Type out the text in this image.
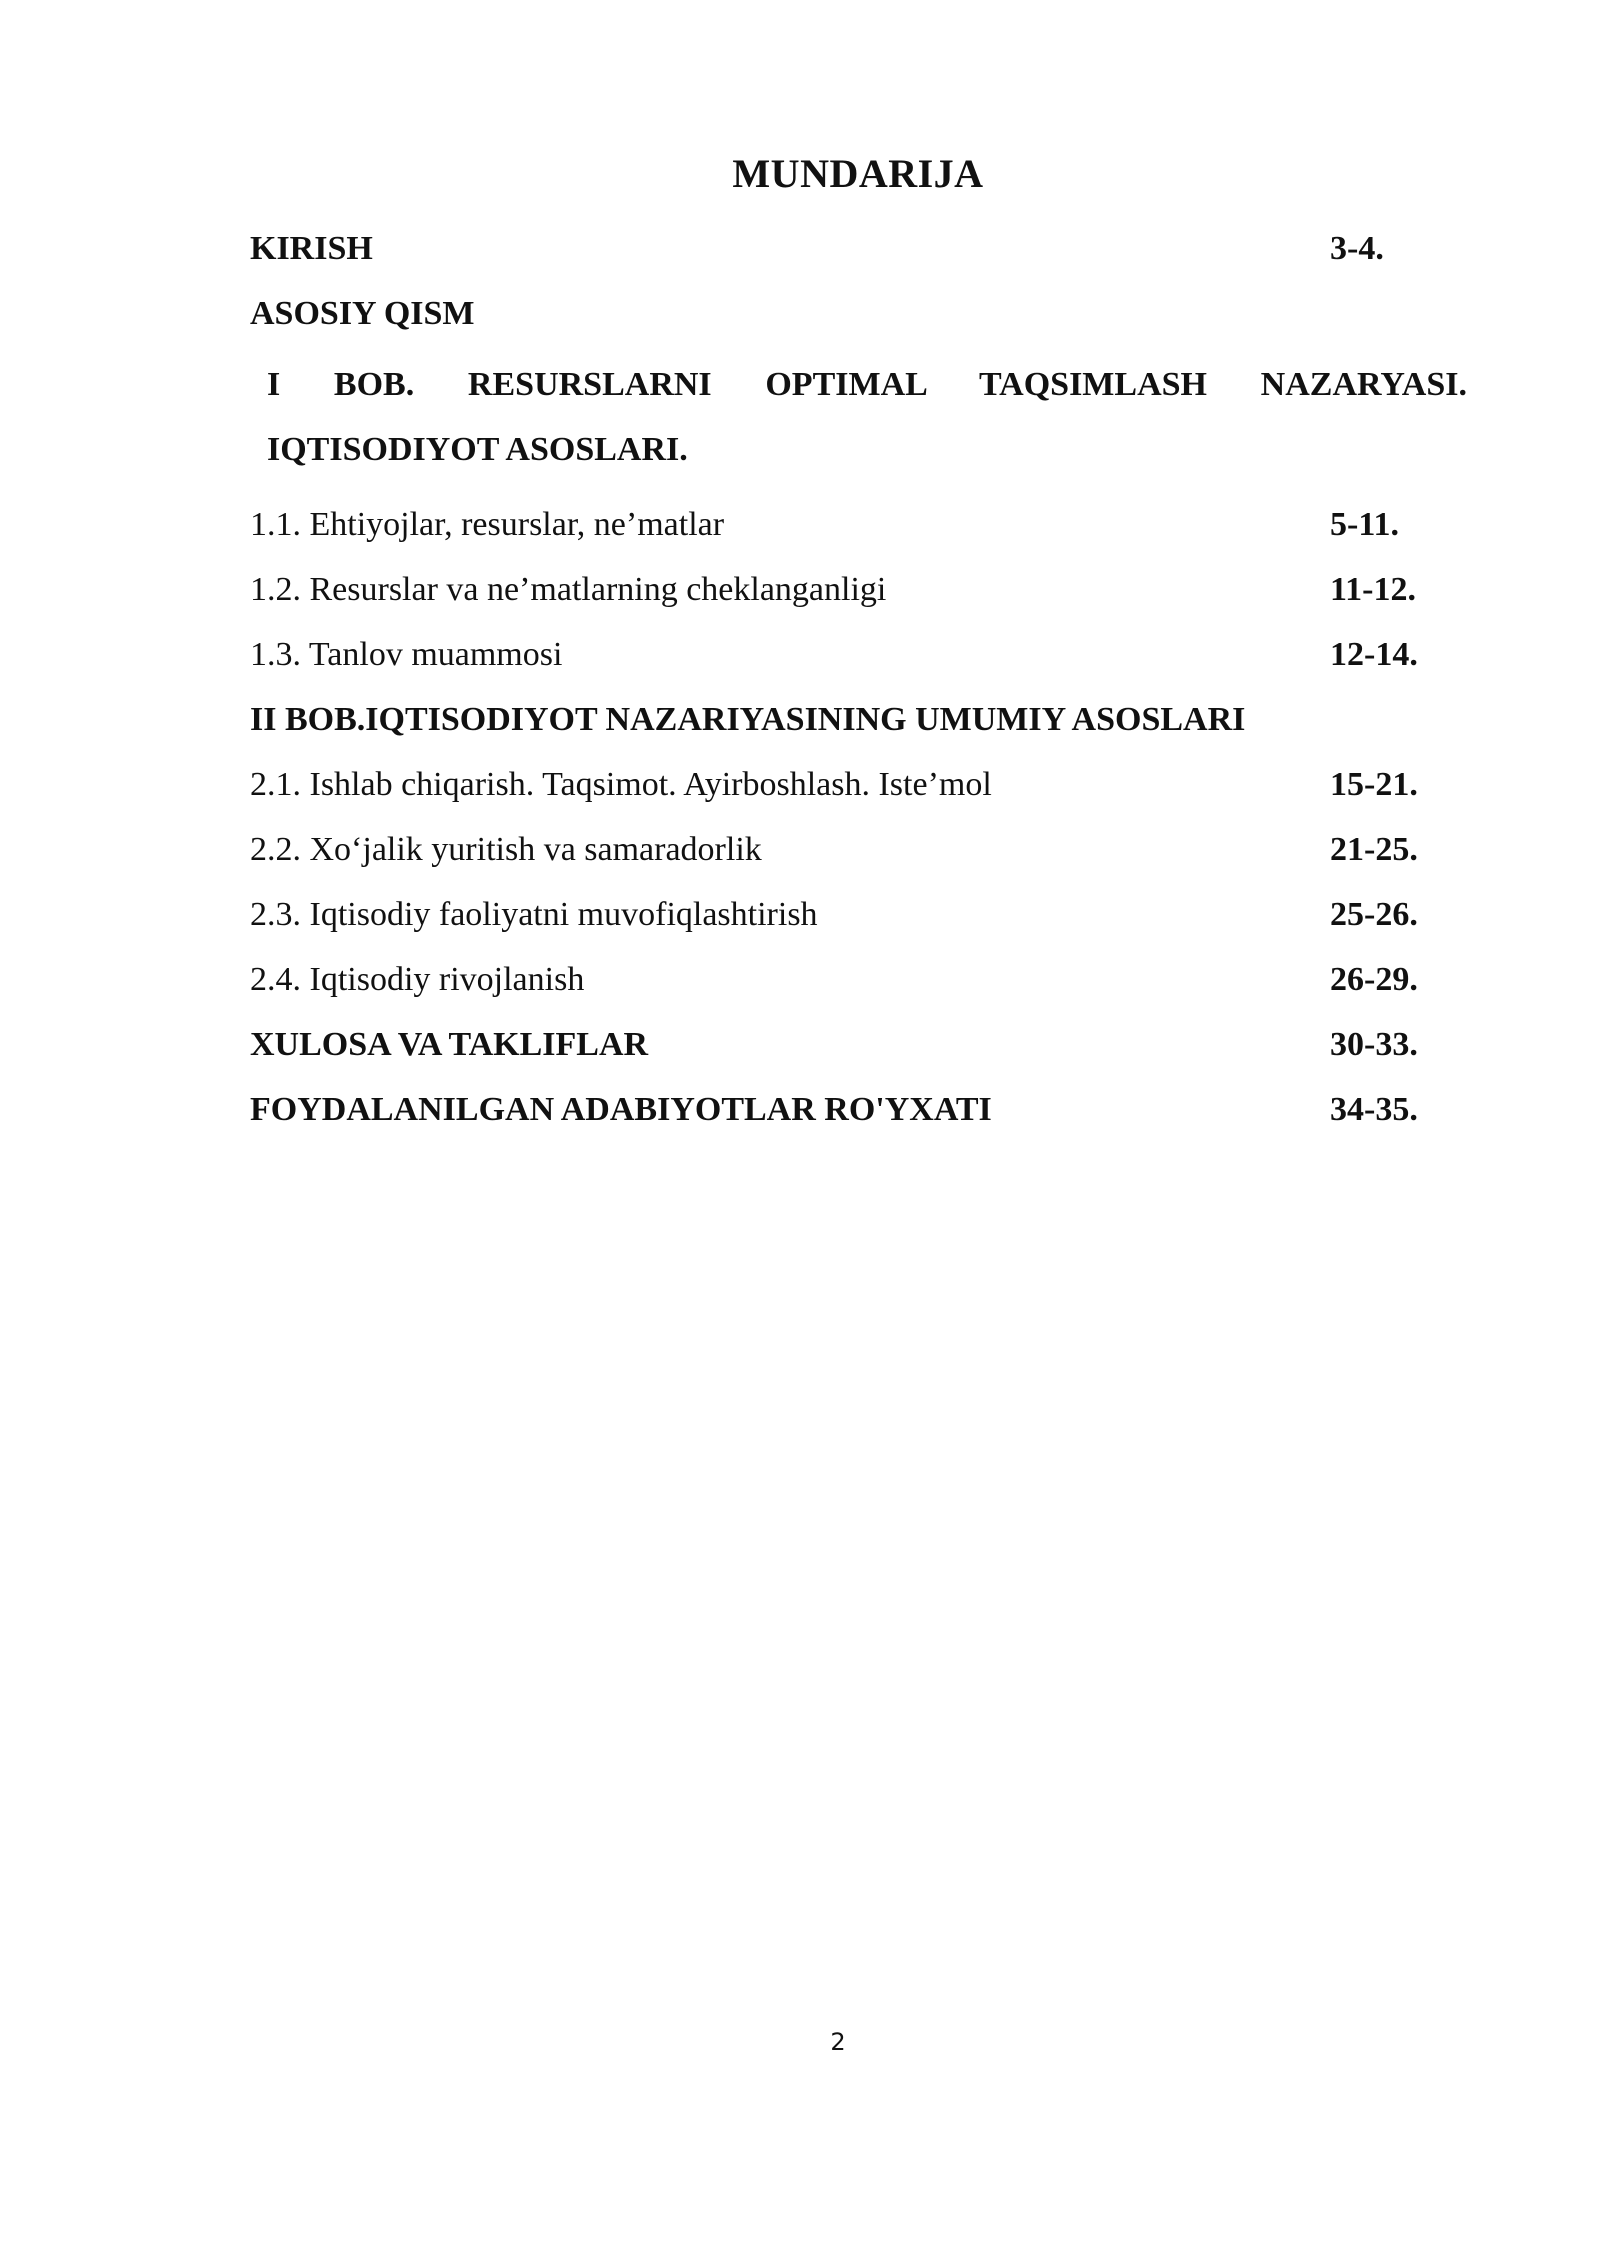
MUNDARIJA
KIRISH	3-4.
ASOSIY QISM
I BOB. RESURSLARNI OPTIMAL TAQSIMLASH NAZARYASI.
IQTISODIYOT ASOSLARI.
1.1. Ehtiyojlar, resurslar, ne’matlar	5-11.
1.2. Resurslar va ne’matlarning cheklanganligi	11-12.
1.3. Tanlov muammosi	12-14.
II BOB.IQTISODIYOT NAZARIYASINING UMUMIY ASOSLARI
2.1. Ishlab chiqarish. Taqsimot. Ayirboshlash. Iste’mol	15-21.
2.2. Xo‘jalik yuritish va samaradorlik	21-25.
2.3. Iqtisodiy faoliyatni muvofiqlashtirish	25-26.
2.4. Iqtisodiy rivojlanish	26-29.
XULOSA VA TAKLIFLAR	30-33.
FOYDALANILGAN ADABIYOTLAR RO'YXATI	34-35.
2
